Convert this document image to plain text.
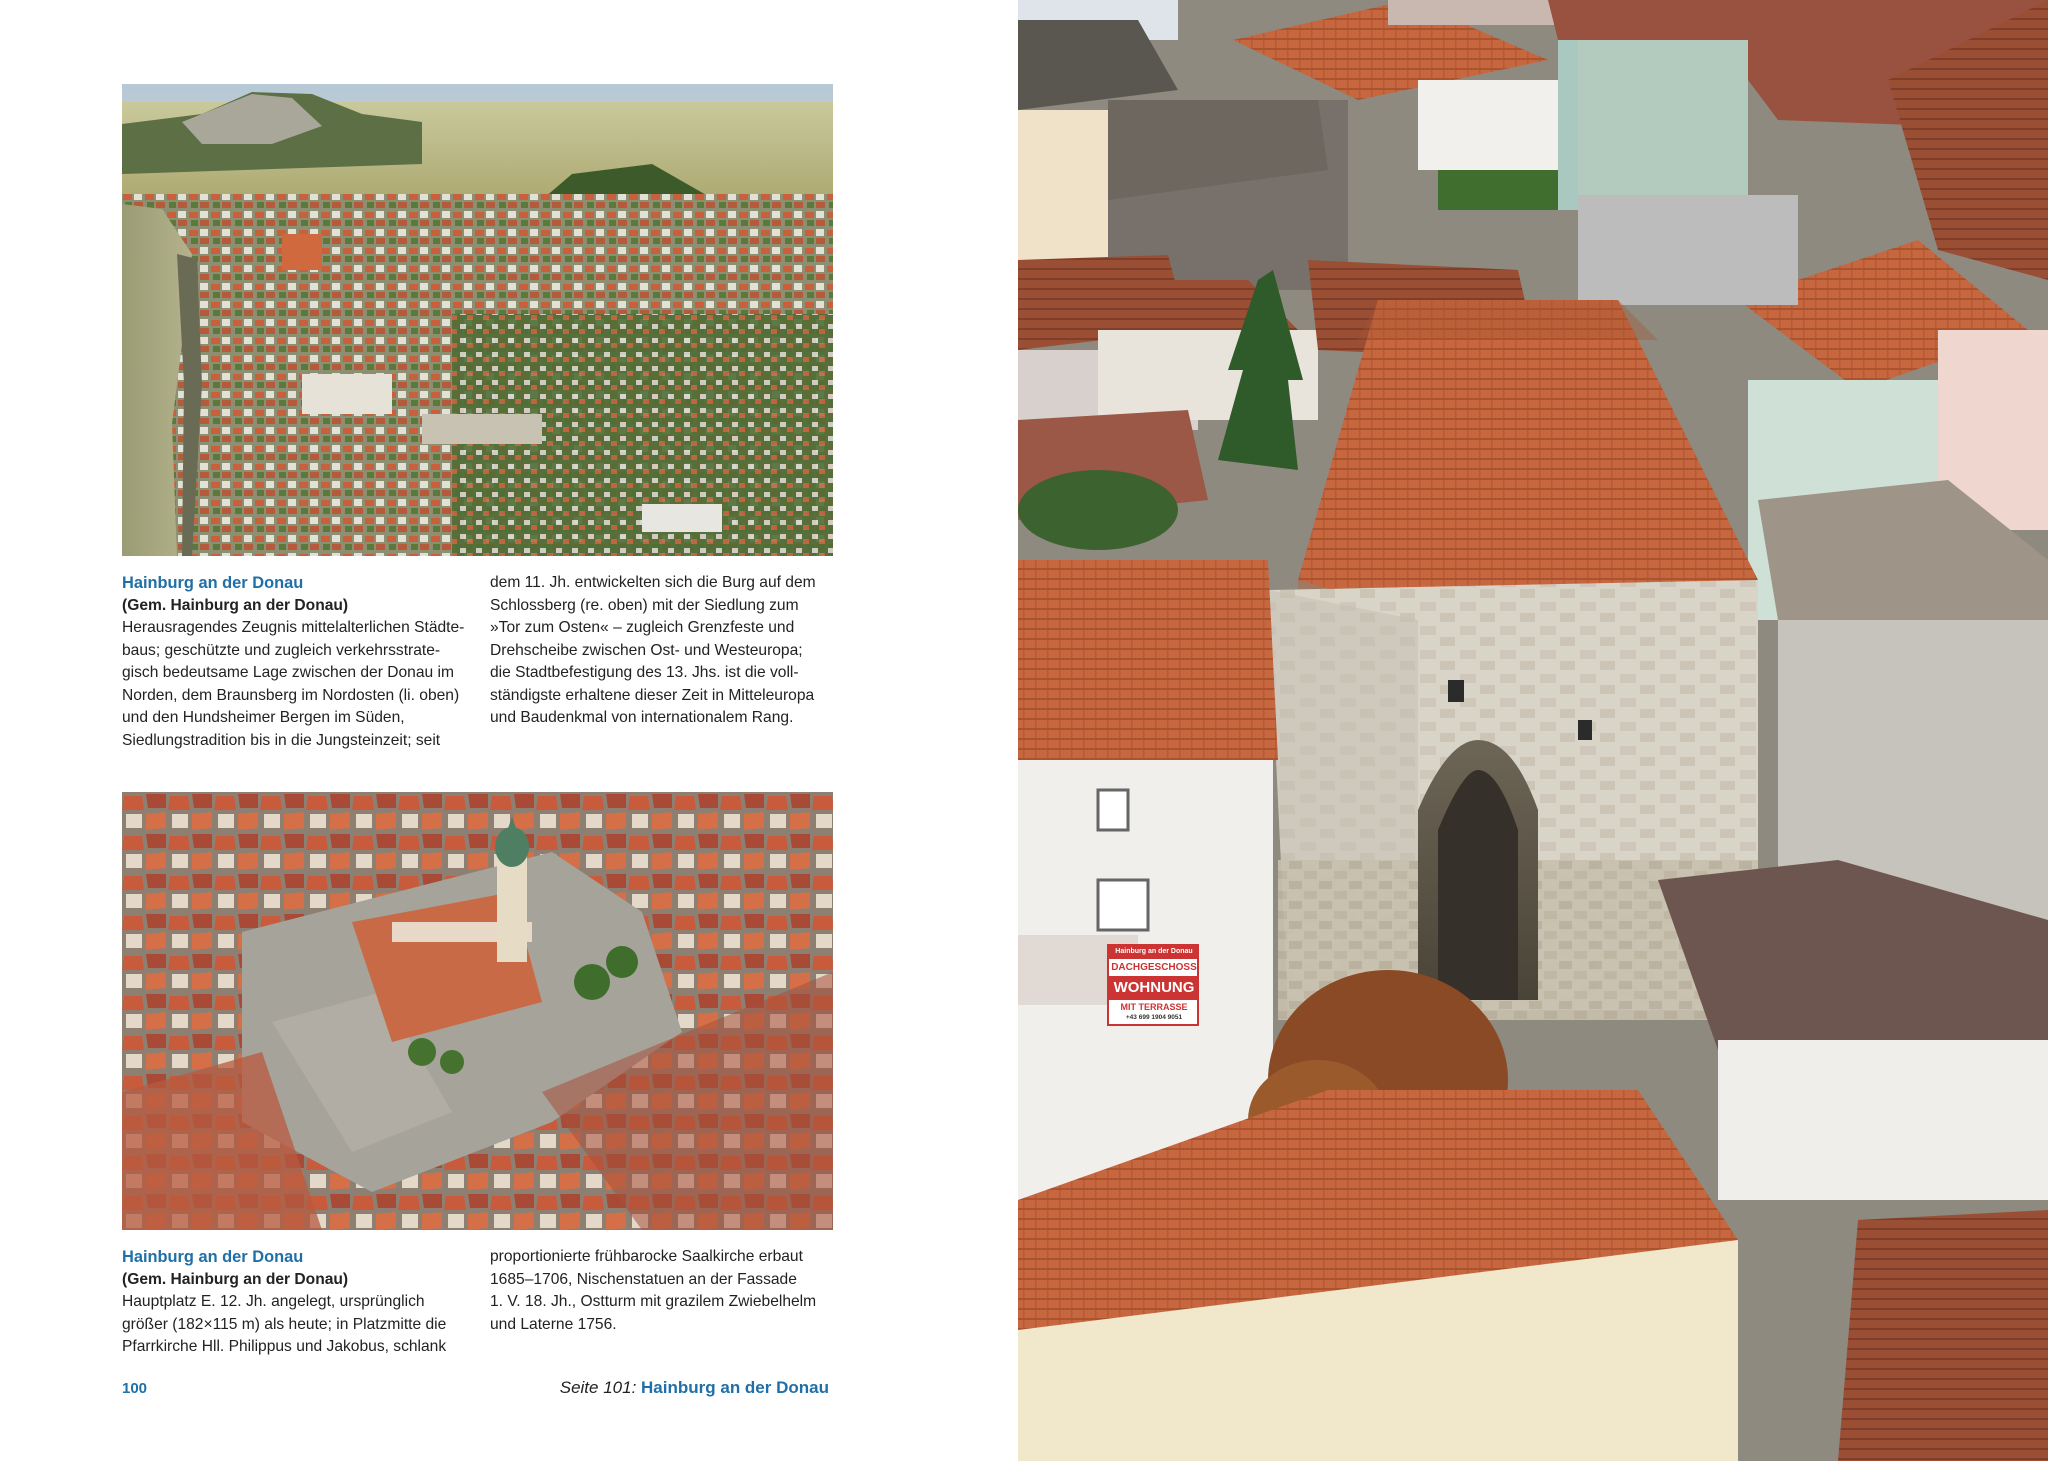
Hainburg an der Donau
(Gem. Hainburg an der Donau)
Herausragendes Zeugnis mittelalterlichen Städte-
baus; geschützte und zugleich verkehrsstrate-
gisch bedeutsame Lage zwischen der Donau im
Norden, dem Braunsberg im Nordosten (li. oben)
und den Hundsheimer Bergen im Süden,
Siedlungstradition bis in die Jungsteinzeit; seit
dem 11. Jh. entwickelten sich die Burg auf dem
Schlossberg (re. oben) mit der Siedlung zum
»Tor zum Osten« – zugleich Grenzfeste und
Drehscheibe zwischen Ost- und Westeuropa;
die Stadtbefestigung des 13. Jhs. ist die voll-
ständigste erhaltene dieser Zeit in Mitteleuropa
und Baudenkmal von internationalem Rang.
Hainburg an der Donau
(Gem. Hainburg an der Donau)
Hauptplatz E. 12. Jh. angelegt, ursprünglich
größer (182×115 m) als heute; in Platzmitte die
Pfarrkirche Hll. Philippus und Jakobus, schlank
proportionierte frühbarocke Saalkirche erbaut
1685–1706, Nischenstatuen an der Fassade
1. V. 18. Jh., Ostturm mit grazilem Zwiebelhelm
und Laterne 1756.
100	Seite 101: Hainburg an der Donau
Hainburg an der Donau
DACHGESCHOSS
WOHNUNG
MIT TERRASSE
+43 699 1904 9051
